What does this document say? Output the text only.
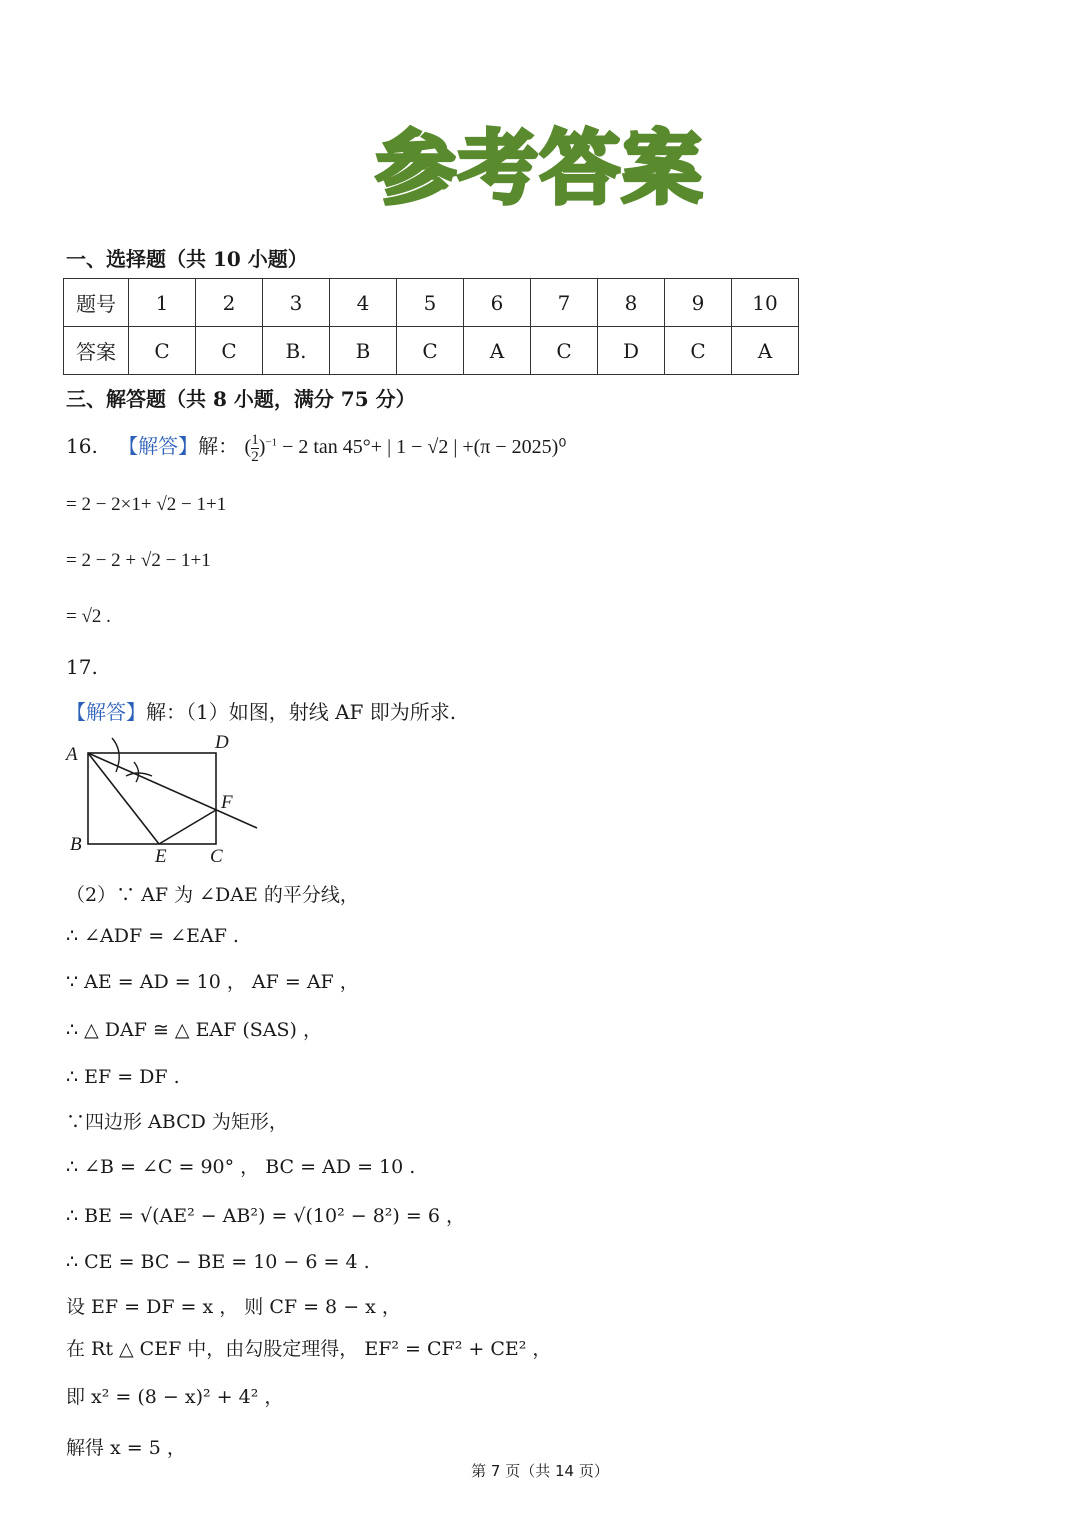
参考答案
一、选择题（共 10 小题）
题号	1	2	3	4	5	6	7	8	9	10
答案	C	C	B.	B	C	A	C	D	C	A
三、解答题（共 8 小题，满分 75 分）
16. 【解答】解： ( $\frac{1}{2} )^{-1} - 2$ tan 45°+ | 1 − √2 | +(π − 2025)⁰
= 2 − 2×1+ √2 − 1+1
= 2 − 2 + √2 − 1+1
= √2 .
17.
【解答】解：（1）如图，射线 AF 即为所求.
A
D
F
B
E C
（2）∵ AF 为 ∠DAE 的平分线，
∴ ∠ADF = ∠EAF .
∵ AE = AD = 10 ， AF = AF ，
∴ △ DAF ≅ △ EAF (SAS) ，
∴ EF = DF .
∵四边形 ABCD 为矩形，
∴ ∠B = ∠C = 90° ， BC = AD = 10 .
∴ BE = √(AE² − AB²) = √(10² − 8²) = 6 ，
∴ CE = BC − BE = 10 − 6 = 4 .
设 EF = DF = x ， 则 CF = 8 − x ，
在 Rt △ CEF 中，由勾股定理得， EF² = CF² + CE² ，
即 x² = (8 − x)² + 4² ，
解得 x = 5 ，
第 7 页（共 14 页）
